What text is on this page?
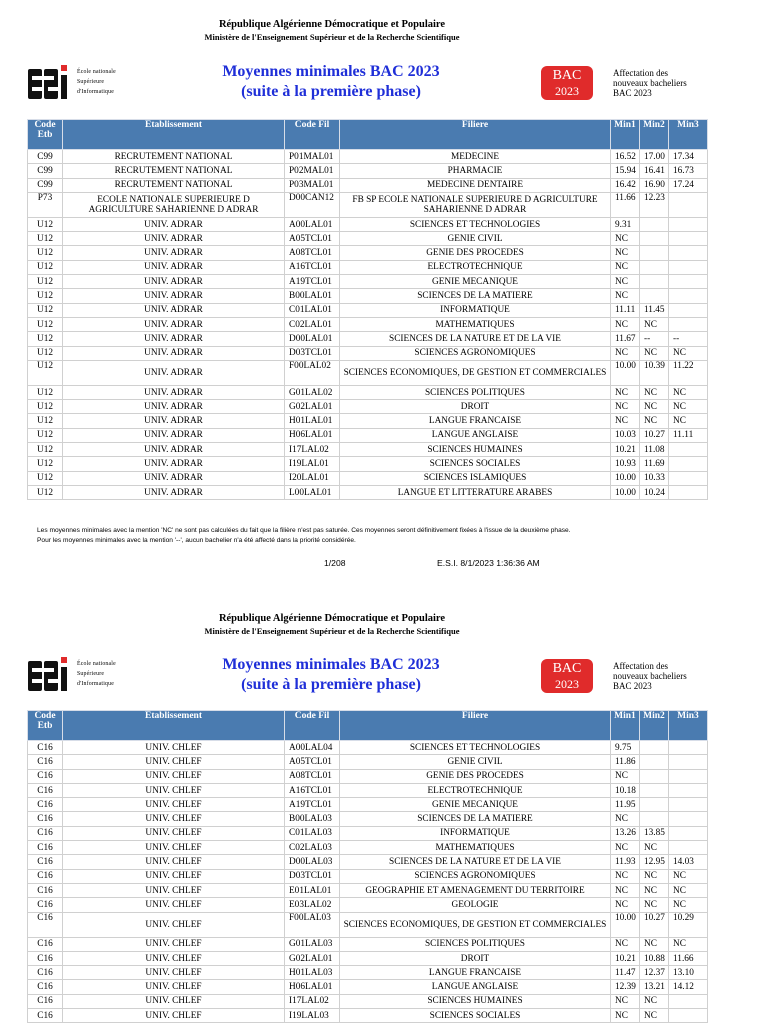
République Algérienne Démocratique et Populaire
Ministère de l'Enseignement Supérieur et de la Recherche Scientifique
École nationale
Supérieure
d'Informatique
Moyennes minimales BAC 2023
(suite à la première phase)
BAC
2023
Affectation des
nouveaux bacheliers
BAC 2023
Code Etb	Etablissement	Code Fil	Filiere	Min1	Min2	Min3
C99	RECRUTEMENT NATIONAL	P01MAL01	MEDECINE	16.52	17.00	17.34
C99	RECRUTEMENT NATIONAL	P02MAL01	PHARMACIE	15.94	16.41	16.73
C99	RECRUTEMENT NATIONAL	P03MAL01	MEDECINE DENTAIRE	16.42	16.90	17.24
P73	ECOLE NATIONALE SUPERIEURE D AGRICULTURE SAHARIENNE D ADRAR	D00CAN12	FB SP ECOLE NATIONALE SUPERIEURE D AGRICULTURE SAHARIENNE D ADRAR	11.66	12.23	
U12	UNIV. ADRAR	A00LAL01	SCIENCES ET TECHNOLOGIES	9.31		
U12	UNIV. ADRAR	A05TCL01	GENIE CIVIL	NC		
U12	UNIV. ADRAR	A08TCL01	GENIE DES PROCEDES	NC		
U12	UNIV. ADRAR	A16TCL01	ELECTROTECHNIQUE	NC		
U12	UNIV. ADRAR	A19TCL01	GENIE MECANIQUE	NC		
U12	UNIV. ADRAR	B00LAL01	SCIENCES DE LA MATIERE	NC		
U12	UNIV. ADRAR	C01LAL01	INFORMATIQUE	11.11	11.45	
U12	UNIV. ADRAR	C02LAL01	MATHEMATIQUES	NC	NC	
U12	UNIV. ADRAR	D00LAL01	SCIENCES DE LA NATURE ET DE LA VIE	11.67	--	--
U12	UNIV. ADRAR	D03TCL01	SCIENCES AGRONOMIQUES	NC	NC	NC
U12	UNIV. ADRAR	F00LAL02	SCIENCES ECONOMIQUES, DE GESTION ET COMMERCIALES	10.00	10.39	11.22
U12	UNIV. ADRAR	G01LAL02	SCIENCES POLITIQUES	NC	NC	NC
U12	UNIV. ADRAR	G02LAL01	DROIT	NC	NC	NC
U12	UNIV. ADRAR	H01LAL01	LANGUE FRANCAISE	NC	NC	NC
U12	UNIV. ADRAR	H06LAL01	LANGUE ANGLAISE	10.03	10.27	11.11
U12	UNIV. ADRAR	I17LAL02	SCIENCES HUMAINES	10.21	11.08	
U12	UNIV. ADRAR	I19LAL01	SCIENCES SOCIALES	10.93	11.69	
U12	UNIV. ADRAR	I20LAL01	SCIENCES ISLAMIQUES	10.00	10.33	
U12	UNIV. ADRAR	L00LAL01	LANGUE ET LITTERATURE ARABES	10.00	10.24	
Les moyennes minimales avec la mention 'NC' ne sont pas calculées du fait que la filière n'est pas saturée. Ces moyennes seront définitivement fixées à l'issue de la deuxième phase.
Pour les moyennes minimales avec la mention '--', aucun bachelier n'a été affecté dans la priorité considérée.
1/208	E.S.I. 8/1/2023 1:36:36 AM
République Algérienne Démocratique et Populaire
Ministère de l'Enseignement Supérieur et de la Recherche Scientifique
École nationale
Supérieure
d'Informatique
Moyennes minimales BAC 2023
(suite à la première phase)
BAC
2023
Affectation des
nouveaux bacheliers
BAC 2023
Code Etb	Etablissement	Code Fil	Filiere	Min1	Min2	Min3
C16	UNIV. CHLEF	A00LAL04	SCIENCES ET TECHNOLOGIES	9.75		
C16	UNIV. CHLEF	A05TCL01	GENIE CIVIL	11.86		
C16	UNIV. CHLEF	A08TCL01	GENIE DES PROCEDES	NC		
C16	UNIV. CHLEF	A16TCL01	ELECTROTECHNIQUE	10.18		
C16	UNIV. CHLEF	A19TCL01	GENIE MECANIQUE	11.95		
C16	UNIV. CHLEF	B00LAL03	SCIENCES DE LA MATIERE	NC		
C16	UNIV. CHLEF	C01LAL03	INFORMATIQUE	13.26	13.85	
C16	UNIV. CHLEF	C02LAL03	MATHEMATIQUES	NC	NC	
C16	UNIV. CHLEF	D00LAL03	SCIENCES DE LA NATURE ET DE LA VIE	11.93	12.95	14.03
C16	UNIV. CHLEF	D03TCL01	SCIENCES AGRONOMIQUES	NC	NC	NC
C16	UNIV. CHLEF	E01LAL01	GEOGRAPHIE ET AMENAGEMENT DU TERRITOIRE	NC	NC	NC
C16	UNIV. CHLEF	E03LAL02	GEOLOGIE	NC	NC	NC
C16	UNIV. CHLEF	F00LAL03	SCIENCES ECONOMIQUES, DE GESTION ET COMMERCIALES	10.00	10.27	10.29
C16	UNIV. CHLEF	G01LAL03	SCIENCES POLITIQUES	NC	NC	NC
C16	UNIV. CHLEF	G02LAL01	DROIT	10.21	10.88	11.66
C16	UNIV. CHLEF	H01LAL03	LANGUE FRANCAISE	11.47	12.37	13.10
C16	UNIV. CHLEF	H06LAL01	LANGUE ANGLAISE	12.39	13.21	14.12
C16	UNIV. CHLEF	I17LAL02	SCIENCES HUMAINES	NC	NC	
C16	UNIV. CHLEF	I19LAL03	SCIENCES SOCIALES	NC	NC	
